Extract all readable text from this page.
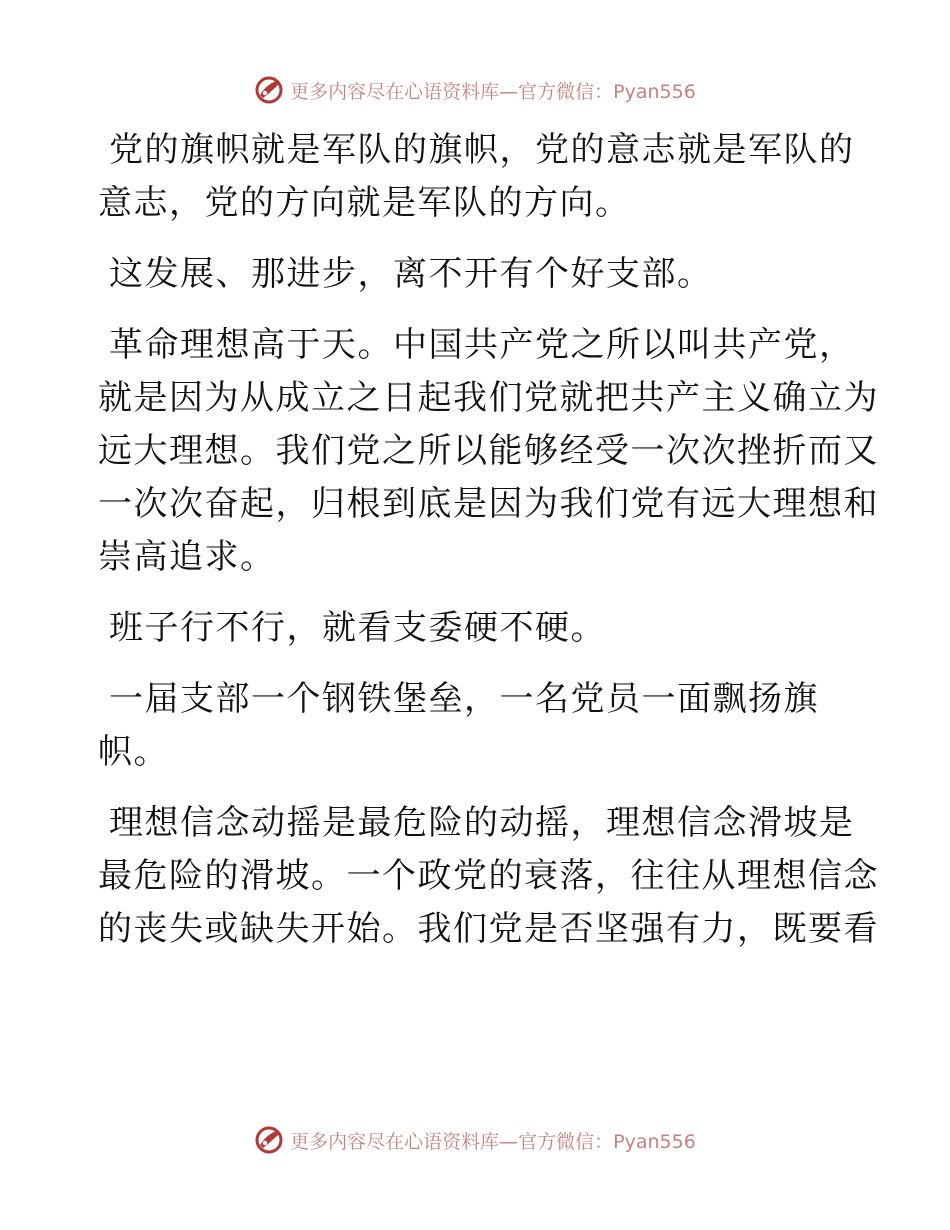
更多内容尽在心语资料库—官方微信：Pyan556

党的旗帜就是军队的旗帜，党的意志就是军队的
意志，党的方向就是军队的方向。

这发展、那进步，离不开有个好支部。

革命理想高于天。中国共产党之所以叫共产党，
就是因为从成立之日起我们党就把共产主义确立为
远大理想。我们党之所以能够经受一次次挫折而又
一次次奋起，归根到底是因为我们党有远大理想和
崇高追求。

班子行不行，就看支委硬不硬。

一届支部一个钢铁堡垒，一名党员一面飘扬旗
帜。

理想信念动摇是最危险的动摇，理想信念滑坡是
最危险的滑坡。一个政党的衰落，往往从理想信念
的丧失或缺失开始。我们党是否坚强有力，既要看

更多内容尽在心语资料库—官方微信：Pyan556
